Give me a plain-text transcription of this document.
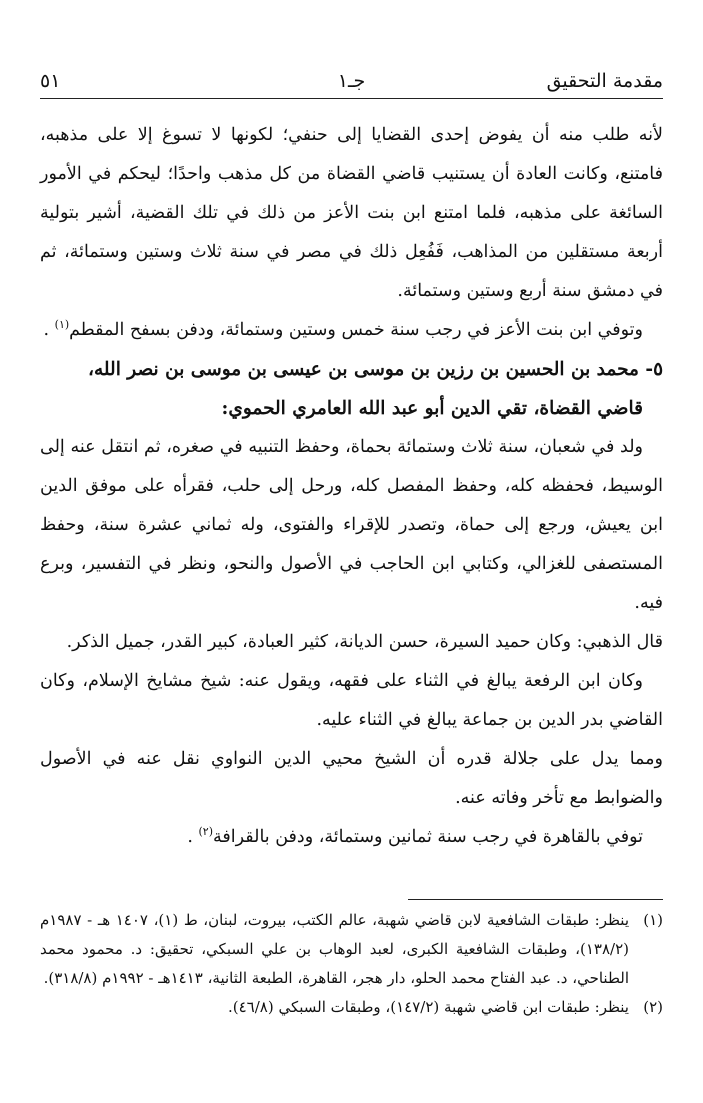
مقدمة التحقيق
جـ١
٥١

لأنه طلب منه أن يفوض إحدى القضايا إلى حنفي؛ لكونها لا تسوغ إلا على مذهبه، فامتنع، وكانت العادة أن يستنيب قاضي القضاة من كل مذهب واحدًا؛ ليحكم في الأمور السائغة على مذهبه، فلما امتنع ابن بنت الأعز من ذلك في تلك القضية، أشير بتولية أربعة مستقلين من المذاهب، فَفُعِل ذلك في مصر في سنة ثلاث وستين وستمائة، ثم في دمشق سنة أربع وستين وستمائة.

وتوفي ابن بنت الأعز في رجب سنة خمس وستين وستمائة، ودفن بسفح المقطم$^{(١)}$ .

٥- محمد بن الحسين بن رزين بن موسى بن عيسى بن موسى بن نصر الله،
قاضي القضاة، تقي الدين أبو عبد الله العامري الحموي:

ولد في شعبان، سنة ثلاث وستمائة بحماة، وحفظ التنبيه في صغره، ثم انتقل عنه إلى الوسيط، فحفظه كله، وحفظ المفصل كله، ورحل إلى حلب، فقرأه على موفق الدين ابن يعيش، ورجع إلى حماة، وتصدر للإقراء والفتوى، وله ثماني عشرة سنة، وحفظ المستصفى للغزالي، وكتابي ابن الحاجب في الأصول والنحو، ونظر في التفسير، وبرع فيه.

قال الذهبي: وكان حميد السيرة، حسن الديانة، كثير العبادة، كبير القدر، جميل الذكر.

وكان ابن الرفعة يبالغ في الثناء على فقهه، ويقول عنه: شيخ مشايخ الإسلام، وكان القاضي بدر الدين بن جماعة يبالغ في الثناء عليه.

ومما يدل على جلالة قدره أن الشيخ محيي الدين النواوي نقل عنه في الأصول والضوابط مع تأخر وفاته عنه.

توفي بالقاهرة في رجب سنة ثمانين وستمائة، ودفن بالقرافة$^{(٢)}$ .

(١)
ينظر: طبقات الشافعية لابن قاضي شهبة، عالم الكتب، بيروت، لبنان، ط (١)، ١٤٠٧ هـ - ١٩٨٧م (١٣٨/٢)، وطبقات الشافعية الكبرى، لعبد الوهاب بن علي السبكي، تحقيق: د. محمود محمد الطناحي، د. عبد الفتاح محمد الحلو، دار هجر، القاهرة، الطبعة الثانية، ١٤١٣هـ - ١٩٩٢م (٣١٨/٨).
(٢)
ينظر: طبقات ابن قاضي شهبة (١٤٧/٢)، وطبقات السبكي (٤٦/٨).
